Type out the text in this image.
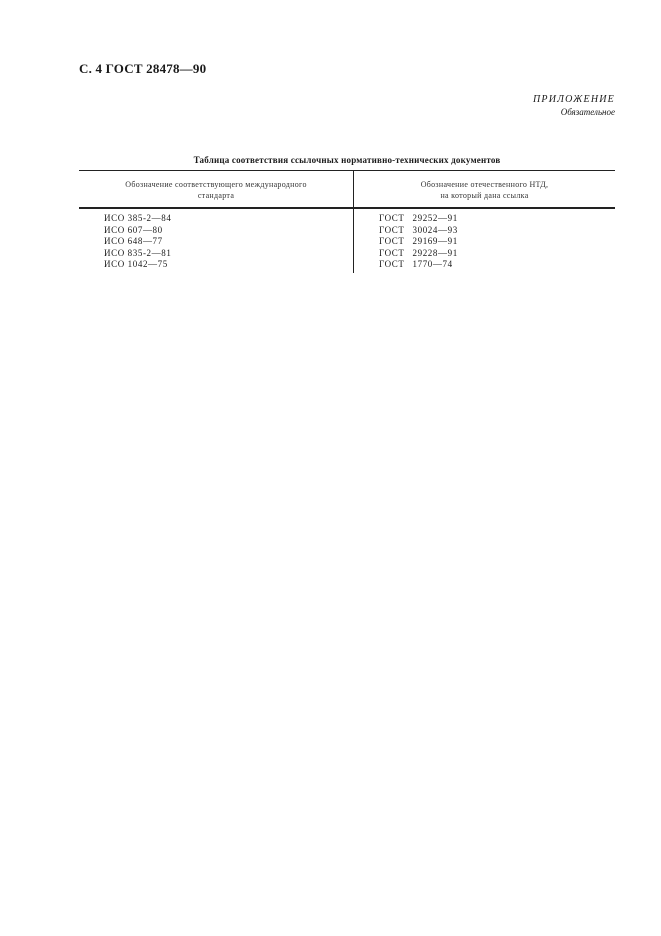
С. 4 ГОСТ 28478—90
ПРИЛОЖЕНИЕ
Обязательное
Таблица соответствия ссылочных нормативно-технических документов
Обозначение соответствующего международного
стандарта	Обозначение отечественного НТД,
на который дана ссылка
ИСО 385-2—84	ГОСТ 29252—91
ИСО 607—80	ГОСТ 30024—93
ИСО 648—77	ГОСТ 29169—91
ИСО 835-2—81	ГОСТ 29228—91
ИСО 1042—75	ГОСТ 1770—74
